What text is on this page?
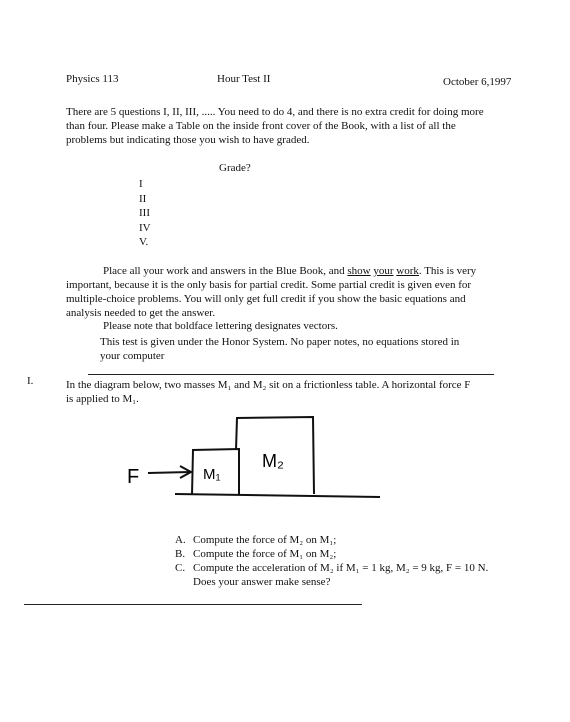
Physics 113	Hour Test II	October 6,1997
There are 5 questions I, II, III, ..... You need to do 4, and there is no extra credit for doing more
than four. Please make a Table on the inside front cover of the Book, with a list of all the
problems but indicating those you wish to have graded.
Grade?
I
II
III
IV
V.
Place all your work and answers in the Blue Book, and show your work. This is very
important, because it is the only basis for partial credit. Some partial credit is given even for
multiple-choice problems. You will only get full credit if you show the basic equations and
analysis needed to get the answer.
Please note that boldface lettering designates vectors.
This test is given under the Honor System. No paper notes, no equations stored in
your computer
I.	In the diagram below, two masses M₁ and M₂ sit on a frictionless table. A horizontal force F
is applied to M₁.
F	M₁
M₂
A. Compute the force of M₂ on M₁;
B. Compute the force of M₁ on M₂;
C. Compute the acceleration of M₂ if M₁ = 1 kg, M₂ = 9 kg, F = 10 N.
Does your answer make sense?
